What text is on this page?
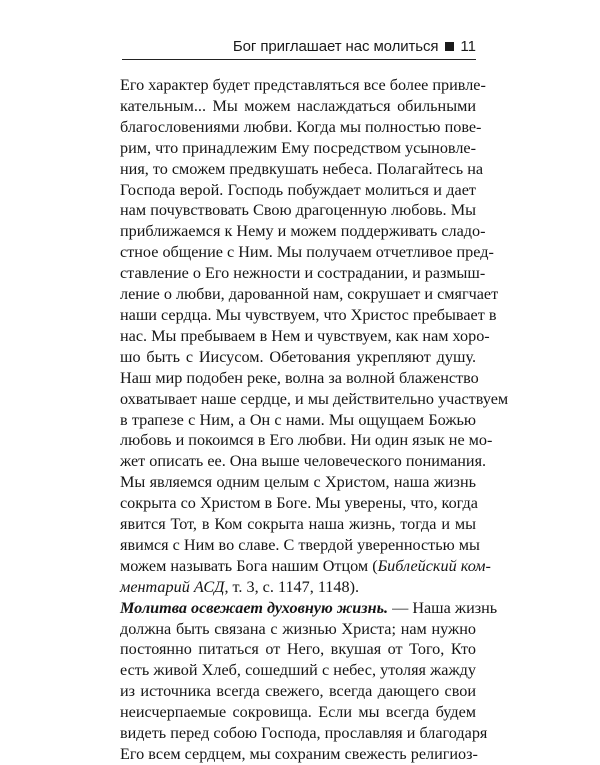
Бог приглашает нас молиться 11

Его характер будет представляться все более привле-
кательным... Мы можем наслаждаться обильными
благословениями любви. Когда мы полностью пове-
рим, что принадлежим Ему посредством усыновле-
ния, то сможем предвкушать небеса. Полагайтесь на
Господа верой. Господь побуждает молиться и дает
нам почувствовать Свою драгоценную любовь. Мы
приближаемся к Нему и можем поддерживать сладо-
стное общение с Ним. Мы получаем отчетливое пред-
ставление о Его нежности и сострадании, и размыш-
ление о любви, дарованной нам, сокрушает и смягчает
наши сердца. Мы чувствуем, что Христос пребывает в
нас. Мы пребываем в Нем и чувствуем, как нам хоро-
шо быть с Иисусом. Обетования укрепляют душу.
Наш мир подобен реке, волна за волной блаженство
охватывает наше сердце, и мы действительно участвуем
в трапезе с Ним, а Он с нами. Мы ощущаем Божью
любовь и покоимся в Его любви. Ни один язык не мо-
жет описать ее. Она выше человеческого понимания.
Мы являемся одним целым с Христом, наша жизнь
сокрыта со Христом в Боге. Мы уверены, что, когда
явится Тот, в Ком сокрыта наша жизнь, тогда и мы
явимся с Ним во славе. С твердой уверенностью мы
можем называть Бога нашим Отцом (Библейский ком-
ментарий АСД, т. 3, с. 1147, 1148).

Молитва освежает духовную жизнь. — Наша жизнь
должна быть связана с жизнью Христа; нам нужно
постоянно питаться от Него, вкушая от Того, Кто
есть живой Хлеб, сошедший с небес, утоляя жажду
из источника всегда свежего, всегда дающего свои
неисчерпаемые сокровища. Если мы всегда будем
видеть перед собою Господа, прославляя и благодаря
Его всем сердцем, мы сохраним свежесть религиоз-
